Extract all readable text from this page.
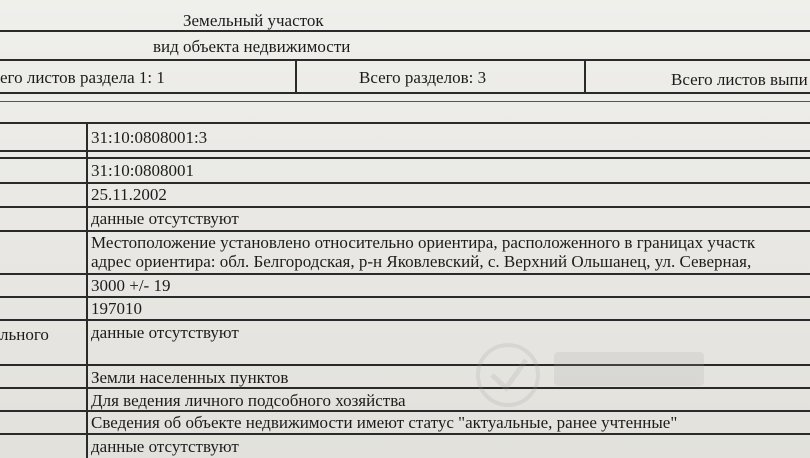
Земельный участок
вид объекта недвижимости
его листов раздела 1: 1	Всего разделов: 3	Всего листов выпи
31:10:0808001:3
31:10:0808001
25.11.2002
данные отсутствуют
Местоположение установлено относительно ориентира, расположенного в границах участк
адрес ориентира: обл. Белгородская, р-н Яковлевский, с. Верхний Ольшанец, ул. Северная,
3000 +/- 19
197010
льного данные отсутствуют
Земли населенных пунктов
Для ведения личного подсобного хозяйства
Сведения об объекте недвижимости имеют статус "актуальные, ранее учтенные"
данные отсутствуют
